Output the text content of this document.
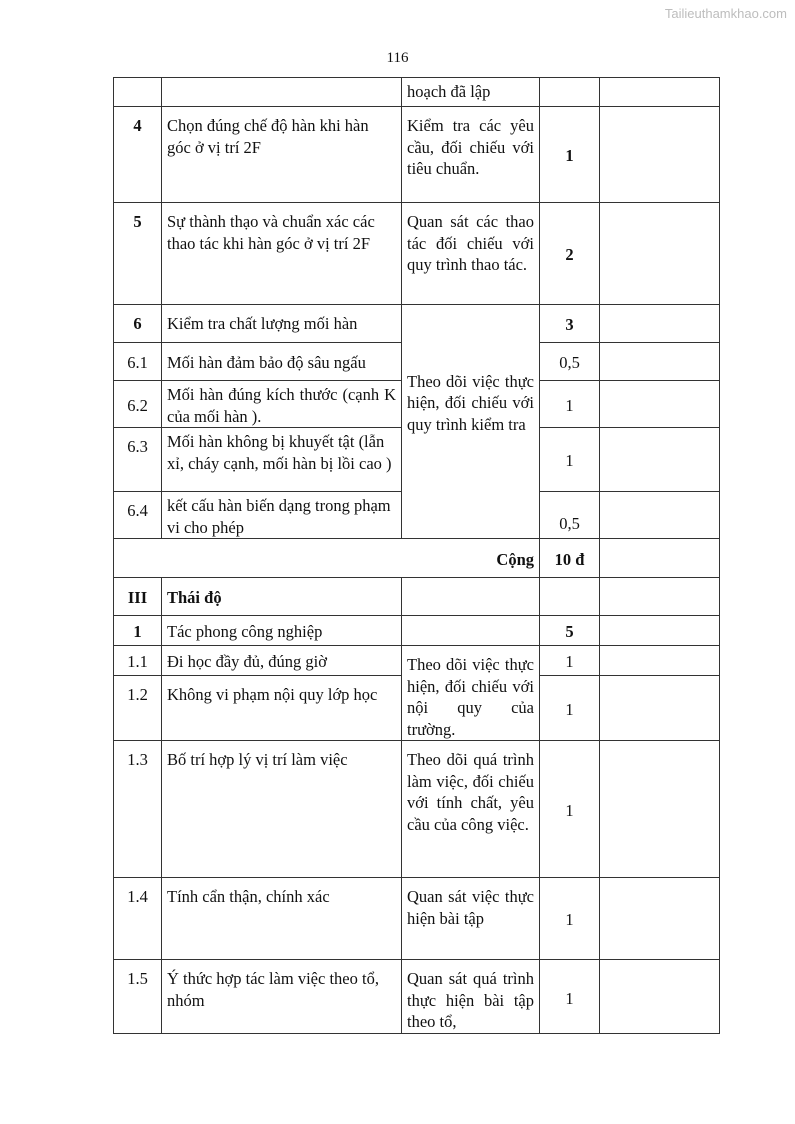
Tailieuthamkhao.com
116
		hoạch đã lập		
4	Chọn đúng chế độ hàn khi hàn góc ở vị trí 2F	Kiểm tra các yêu cầu, đối chiếu với tiêu chuẩn.	1	
5	Sự thành thạo và chuẩn xác các thao tác khi hàn góc ở vị trí 2F	Quan sát các thao tác đối chiếu với quy trình thao tác.	2	
6	Kiểm tra chất lượng mối hàn	Theo dõi việc thực hiện, đối chiếu với quy trình kiểm tra	3	
6.1	Mối hàn đảm bảo độ sâu ngấu		0,5	
6.2	Mối hàn đúng kích thước (cạnh K của mối hàn ).		1	
6.3	Mối hàn không bị khuyết tật (lẫn xỉ, cháy cạnh, mối hàn bị lồi cao )		1	
6.4	kết cấu hàn biến dạng trong phạm vi cho phép		0,5	
Cộng			10 đ	
III	Thái độ			
1	Tác phong công nghiệp		5	
1.1	Đi học đầy đủ, đúng giờ	Theo dõi việc thực hiện, đối chiếu với nội quy của trường.	1	
1.2	Không vi phạm nội quy lớp học		1	
1.3	Bố trí hợp lý vị trí làm việc	Theo dõi quá trình làm việc, đối chiếu với tính chất, yêu cầu của công việc.	1	
1.4	Tính cẩn thận, chính xác	Quan sát việc thực hiện bài tập	1	
1.5	Ý thức hợp tác làm việc theo tổ, nhóm	Quan sát quá trình thực hiện bài tập theo tổ,	1	
